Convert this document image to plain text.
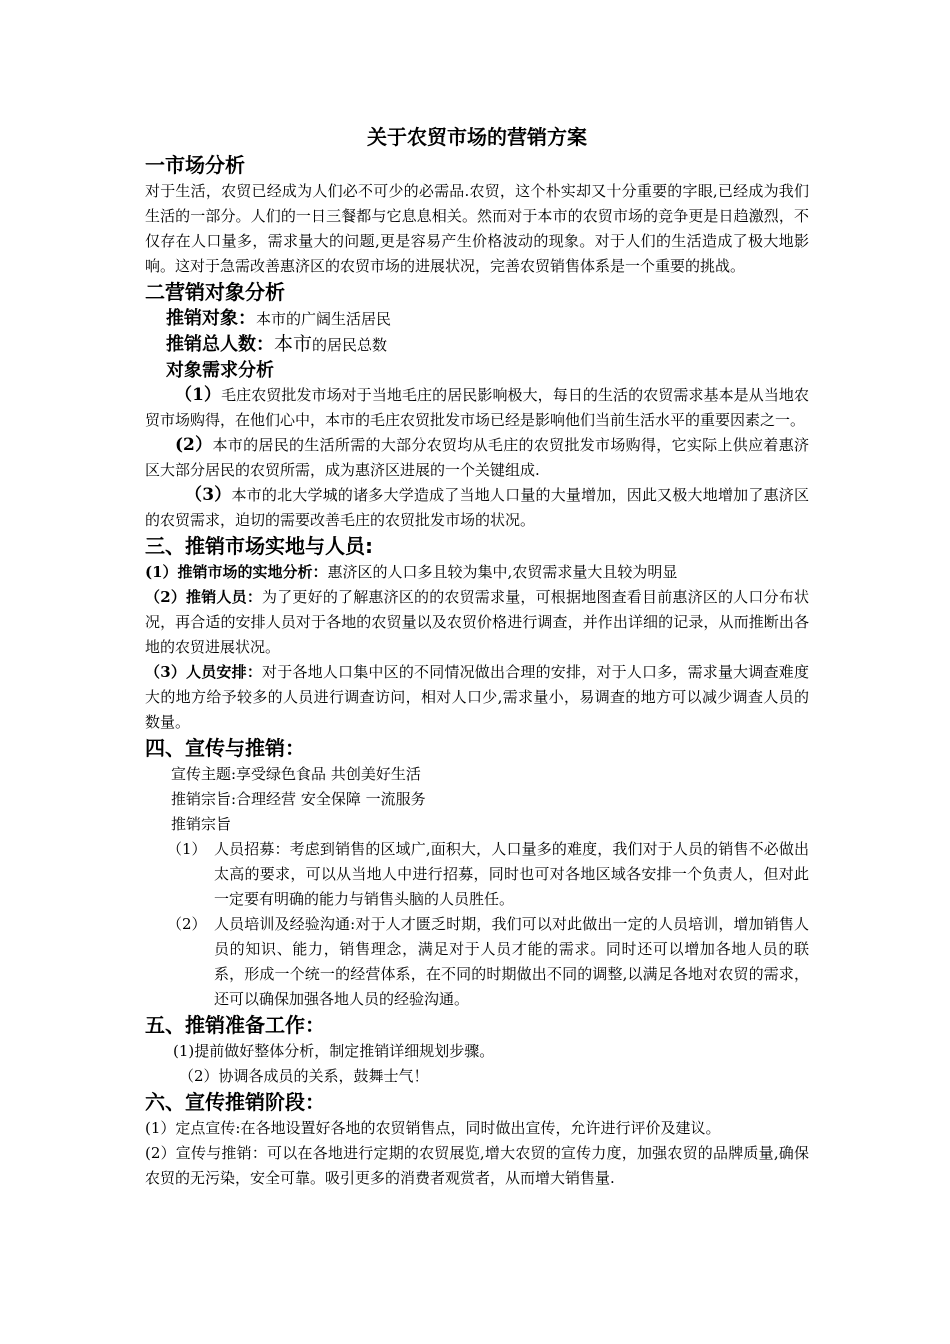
关于农贸市场的营销方案

一市场分析

对于生活，农贸已经成为人们必不可少的必需品.农贸，这个朴实却又十分重要的字眼,已经成为我们生活的一部分。人们的一日三餐都与它息息相关。然而对于本市的农贸市场的竞争更是日趋激烈，不仅存在人口量多，需求量大的问题,更是容易产生价格波动的现象。对于人们的生活造成了极大地影响。这对于急需改善惠济区的农贸市场的进展状况，完善农贸销售体系是一个重要的挑战。

二营销对象分析

推销对象：本市的广阔生活居民

推销总人数：本市的居民总数

对象需求分析

（1）毛庄农贸批发市场对于当地毛庄的居民影响极大，每日的生活的农贸需求基本是从当地农贸市场购得，在他们心中，本市的毛庄农贸批发市场已经是影响他们当前生活水平的重要因素之一。

(2）本市的居民的生活所需的大部分农贸均从毛庄的农贸批发市场购得，它实际上供应着惠济区大部分居民的农贸所需，成为惠济区进展的一个关键组成.

（3）本市的北大学城的诸多大学造成了当地人口量的大量增加，因此又极大地增加了惠济区的农贸需求，迫切的需要改善毛庄的农贸批发市场的状况。

三、推销市场实地与人员:

(1）推销市场的实地分析：惠济区的人口多且较为集中,农贸需求量大且较为明显

（2）推销人员：为了更好的了解惠济区的的农贸需求量，可根据地图查看目前惠济区的人口分布状况，再合适的安排人员对于各地的农贸量以及农贸价格进行调查，并作出详细的记录，从而推断出各地的农贸进展状况。

（3）人员安排：对于各地人口集中区的不同情况做出合理的安排，对于人口多，需求量大调查难度大的地方给予较多的人员进行调查访问，相对人口少,需求量小，易调查的地方可以减少调查人员的数量。

四、宣传与推销：

宣传主题:享受绿色食品 共创美好生活

推销宗旨:合理经营 安全保障 一流服务

推销宗旨

（1） 人员招募：考虑到销售的区域广,面积大，人口量多的难度，我们对于人员的销售不必做出太高的要求，可以从当地人中进行招募，同时也可对各地区域各安排一个负责人，但对此一定要有明确的能力与销售头脑的人员胜任。
（2） 人员培训及经验沟通:对于人才匮乏时期，我们可以对此做出一定的人员培训，增加销售人员的知识、能力，销售理念，满足对于人员才能的需求。同时还可以增加各地人员的联系，形成一个统一的经营体系，在不同的时期做出不同的调整,以满足各地对农贸的需求，还可以确保加强各地人员的经验沟通。

五、推销准备工作：

(1)提前做好整体分析，制定推销详细规划步骤。

（2）协调各成员的关系，鼓舞士气！

六、宣传推销阶段：

(1）定点宣传:在各地设置好各地的农贸销售点，同时做出宣传，允许进行评价及建议。

(2）宣传与推销：可以在各地进行定期的农贸展览,增大农贸的宣传力度，加强农贸的品牌质量,确保农贸的无污染，安全可靠。吸引更多的消费者观赏者，从而增大销售量.
